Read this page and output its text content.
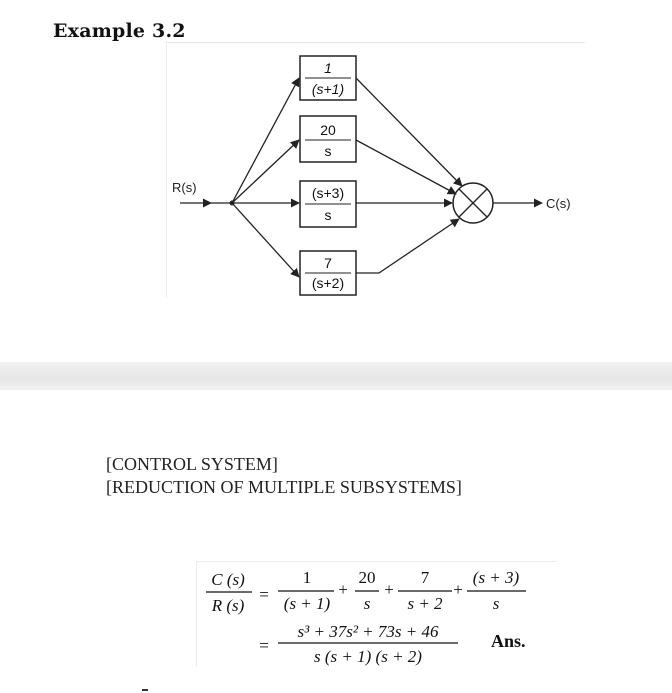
Example 3.2
R(s)
C(s)
1
(s+1)
20
s
(s+3)
s
7
(s+2)
[CONTROL SYSTEM]
[REDUCTION OF MULTIPLE SUBSYSTEMS]
C (s)
R (s)
=
1
(s + 1)
+
20
s
+
7
s + 2
+
(s + 3)
s
=
s³ + 37s² + 73s + 46
s (s + 1) (s + 2)
Ans.
